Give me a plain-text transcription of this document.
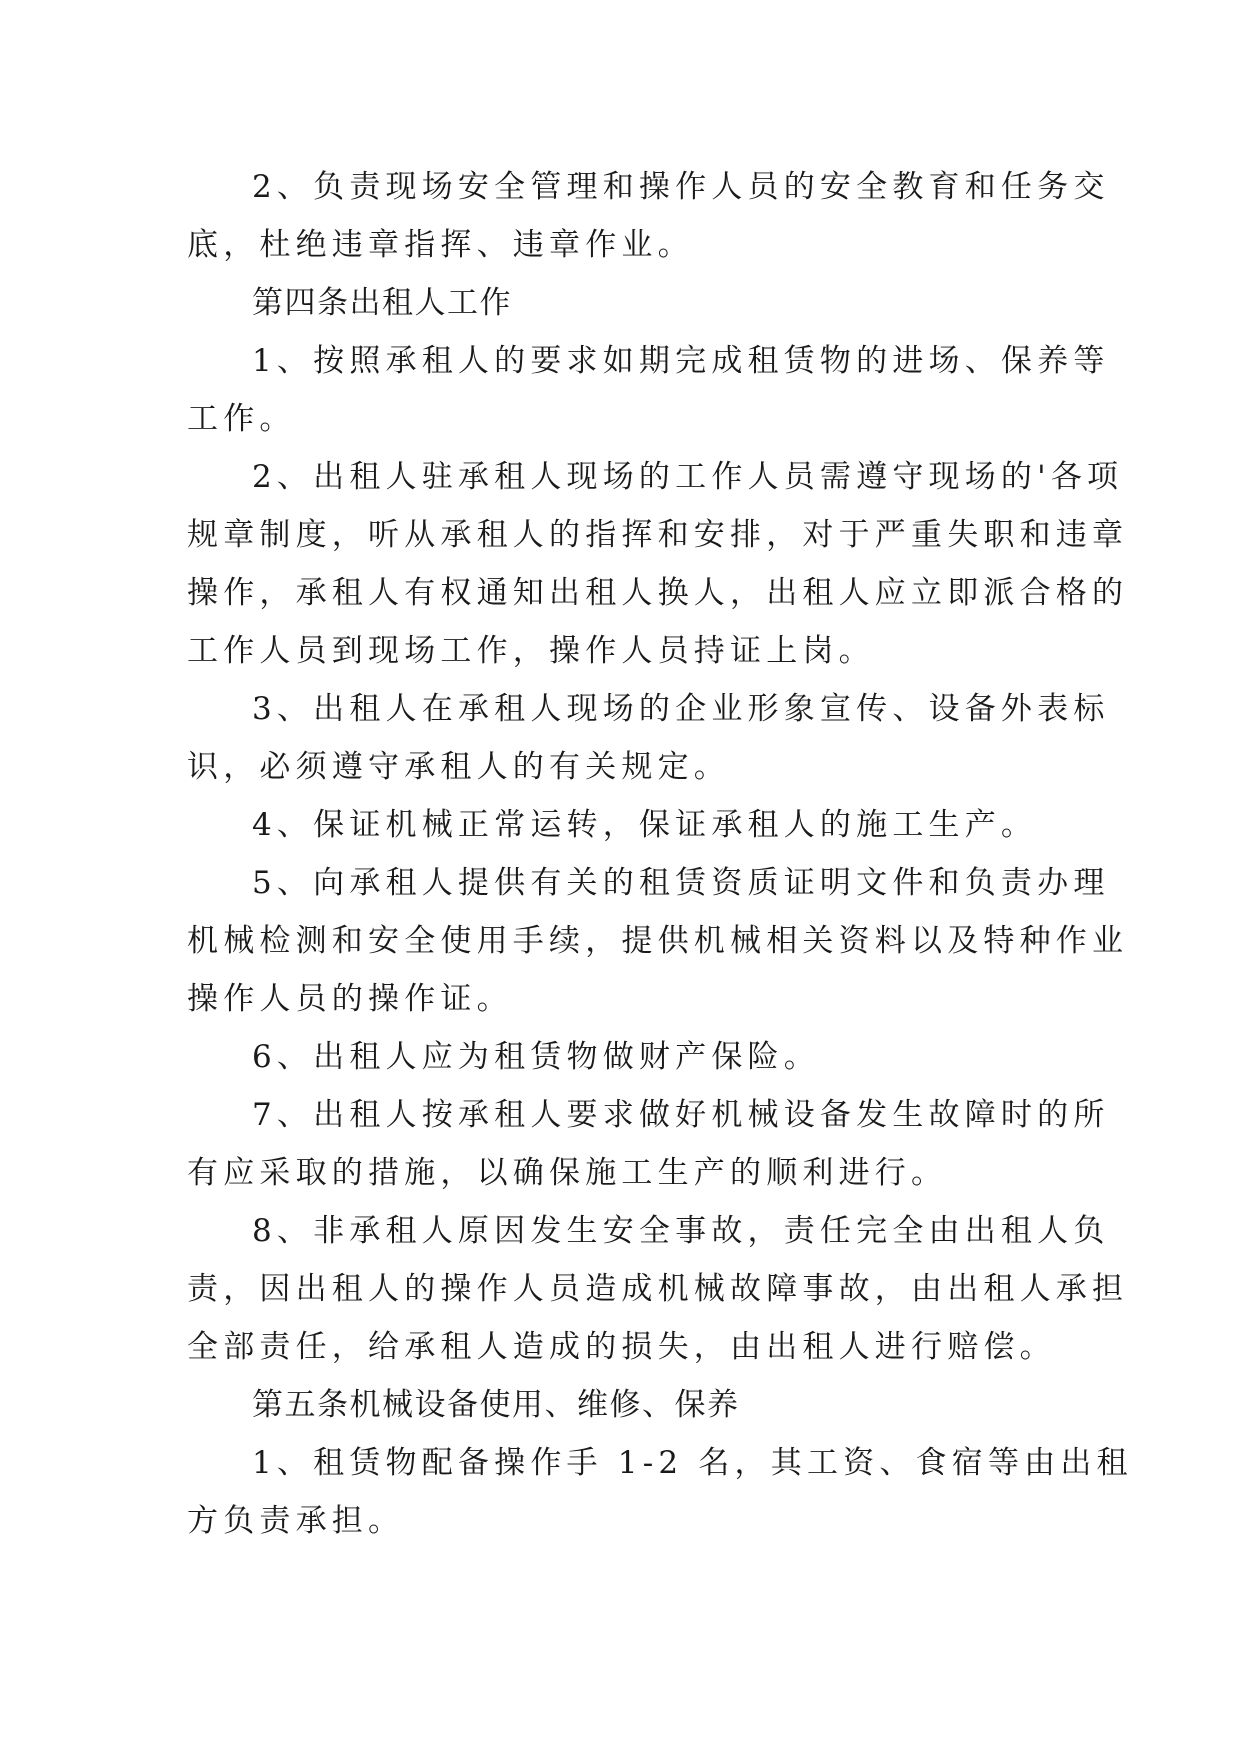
2、负责现场安全管理和操作人员的安全教育和任务交
底，杜绝违章指挥、违章作业。
第四条出租人工作
1、按照承租人的要求如期完成租赁物的进场、保养等
工作。
2、出租人驻承租人现场的工作人员需遵守现场的'各项
规章制度，听从承租人的指挥和安排，对于严重失职和违章
操作，承租人有权通知出租人换人，出租人应立即派合格的
工作人员到现场工作，操作人员持证上岗。
3、出租人在承租人现场的企业形象宣传、设备外表标
识，必须遵守承租人的有关规定。
4、保证机械正常运转，保证承租人的施工生产。
5、向承租人提供有关的租赁资质证明文件和负责办理
机械检测和安全使用手续，提供机械相关资料以及特种作业
操作人员的操作证。
6、出租人应为租赁物做财产保险。
7、出租人按承租人要求做好机械设备发生故障时的所
有应采取的措施，以确保施工生产的顺利进行。
8、非承租人原因发生安全事故，责任完全由出租人负
责，因出租人的操作人员造成机械故障事故，由出租人承担
全部责任，给承租人造成的损失，由出租人进行赔偿。
第五条机械设备使用、维修、保养
1、租赁物配备操作手 1-2 名，其工资、食宿等由出租
方负责承担。
